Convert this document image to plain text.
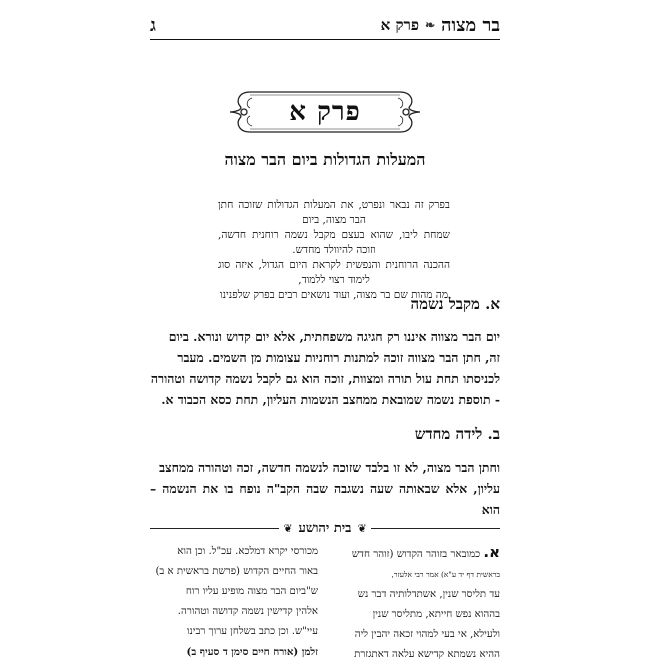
בר מצוה
❧
פרק א
ג
פרק א
המעלות הגדולות ביום הבר מצוה

בפרק זה נבאר ונפרט, את המעלות הגדולות שזוכה חתן הבר מצוה, ביום

שמחת ליבו, שהוא בעצם מקבל נשמה רוחנית חדשה, וזוכה להיוולד מחדש.

ההכנה הרוחנית והנפשית לקראת היום הגדול, איזה סוג לימוד רצוי ללמוד,

מה מהות שם בר מצוה, ועוד נושאים רבים בפרק שלפנינו

א. מקבל נשמה

יום הבר מצווה איננו רק חגיגה משפחתית, אלא יום קדוש ונורא. ביום

זה, חתן הבר מצווה זוכה למתנות רוחניות עצומות מן השמים. מעבר

לכניסתו תחת עול תורה ומצוות, זוכה הוא גם לקבל נשמה קדושה וטהורה

- תוספת נשמה שמובאת ממחצב הנשמות העליון, תחת כסא הכבוד א.

ב. לידה מחדש

וחתן הבר מצוה, לא זו בלבד שזוכה לנשמה חדשה, זכה וטהורה ממחצב

עליון, אלא שבאותה שעה נשגבה שבה הקב"ה נופח בו את הנשמה – הוא

❦
בית יהושע
❦

א. כמובאר בזוהר הקדוש (זוהר חדש

בראשית דף יד ע"א) אמר רבי אלעזר,

עד תליסר שנין, אשתדלותיה דבר נש

בההוא נפש חייתא, מתליסר שנין

ולעילא, אי בעי למהוי זכאה יהבין ליה

ההיא נשמתא קדישא עלאה דאתגזרת

מכורסי יקרא דמלכא. עכ"ל. וכן הוא

באור החיים הקדוש (פרשת בראשית א ב)

ש"ביום הבר מצוה מופיע עליו רוח

אלהין קדישין נשמה קדושה וטהורה.

עיי"ש. וכן כתב בשלחן ערוך רבינו

זלמן (אורח חיים סימן ד סעיף ב)
